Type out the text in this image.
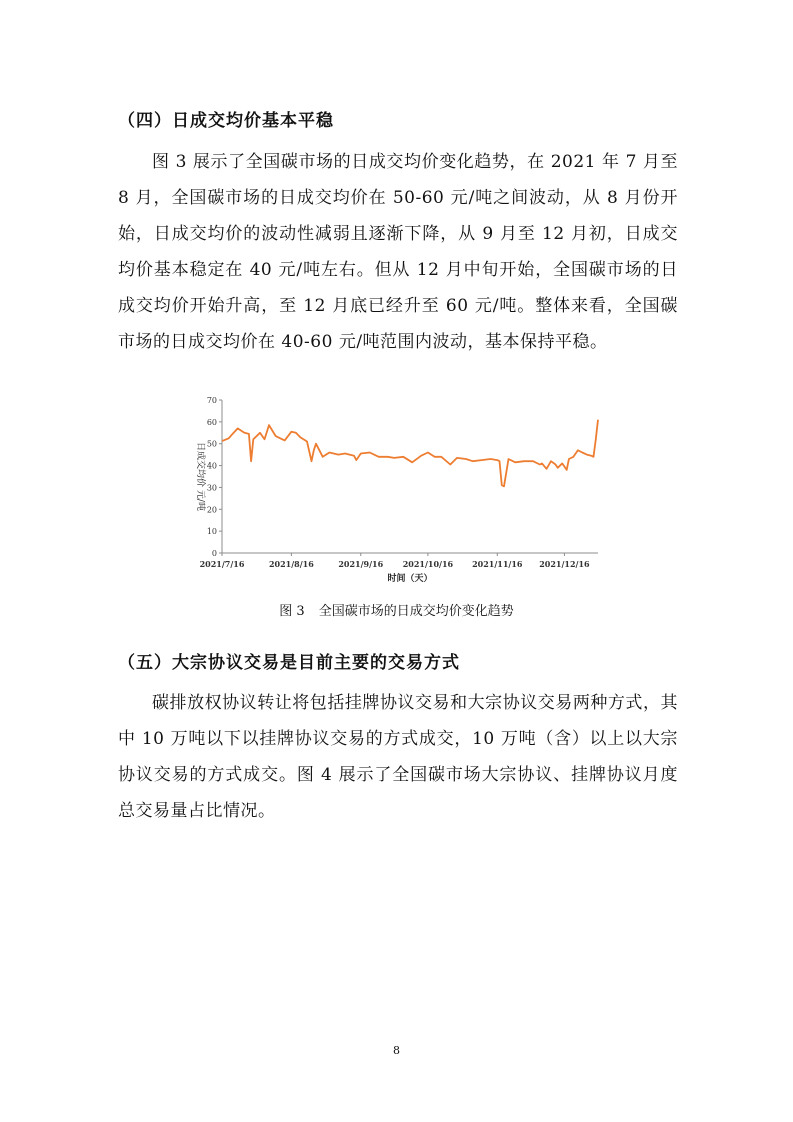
（四）日成交均价基本平稳

图 3 展示了全国碳市场的日成交均价变化趋势，在 2021 年 7 月至 8 月，全国碳市场的日成交均价在 50-60 元/吨之间波动，从 8 月份开始，日成交均价的波动性减弱且逐渐下降，从 9 月至 12 月初，日成交均价基本稳定在 40 元/吨左右。但从 12 月中旬开始，全国碳市场的日成交均价开始升高，至 12 月底已经升至 60 元/吨。整体来看，全国碳市场的日成交均价在 40-60 元/吨范围内波动，基本保持平稳。

0
10
20
30
40
50
60
70
2021/7/16	2021/8/16	2021/9/16 2021/10/16 2021/11/16 2021/12/16
时间（天）
日成交均价 元/吨

图 3 全国碳市场的日成交均价变化趋势

（五）大宗协议交易是目前主要的交易方式

碳排放权协议转让将包括挂牌协议交易和大宗协议交易两种方式，其中 10 万吨以下以挂牌协议交易的方式成交，10 万吨（含）以上以大宗协议交易的方式成交。图 4 展示了全国碳市场大宗协议、挂牌协议月度总交易量占比情况。

8
